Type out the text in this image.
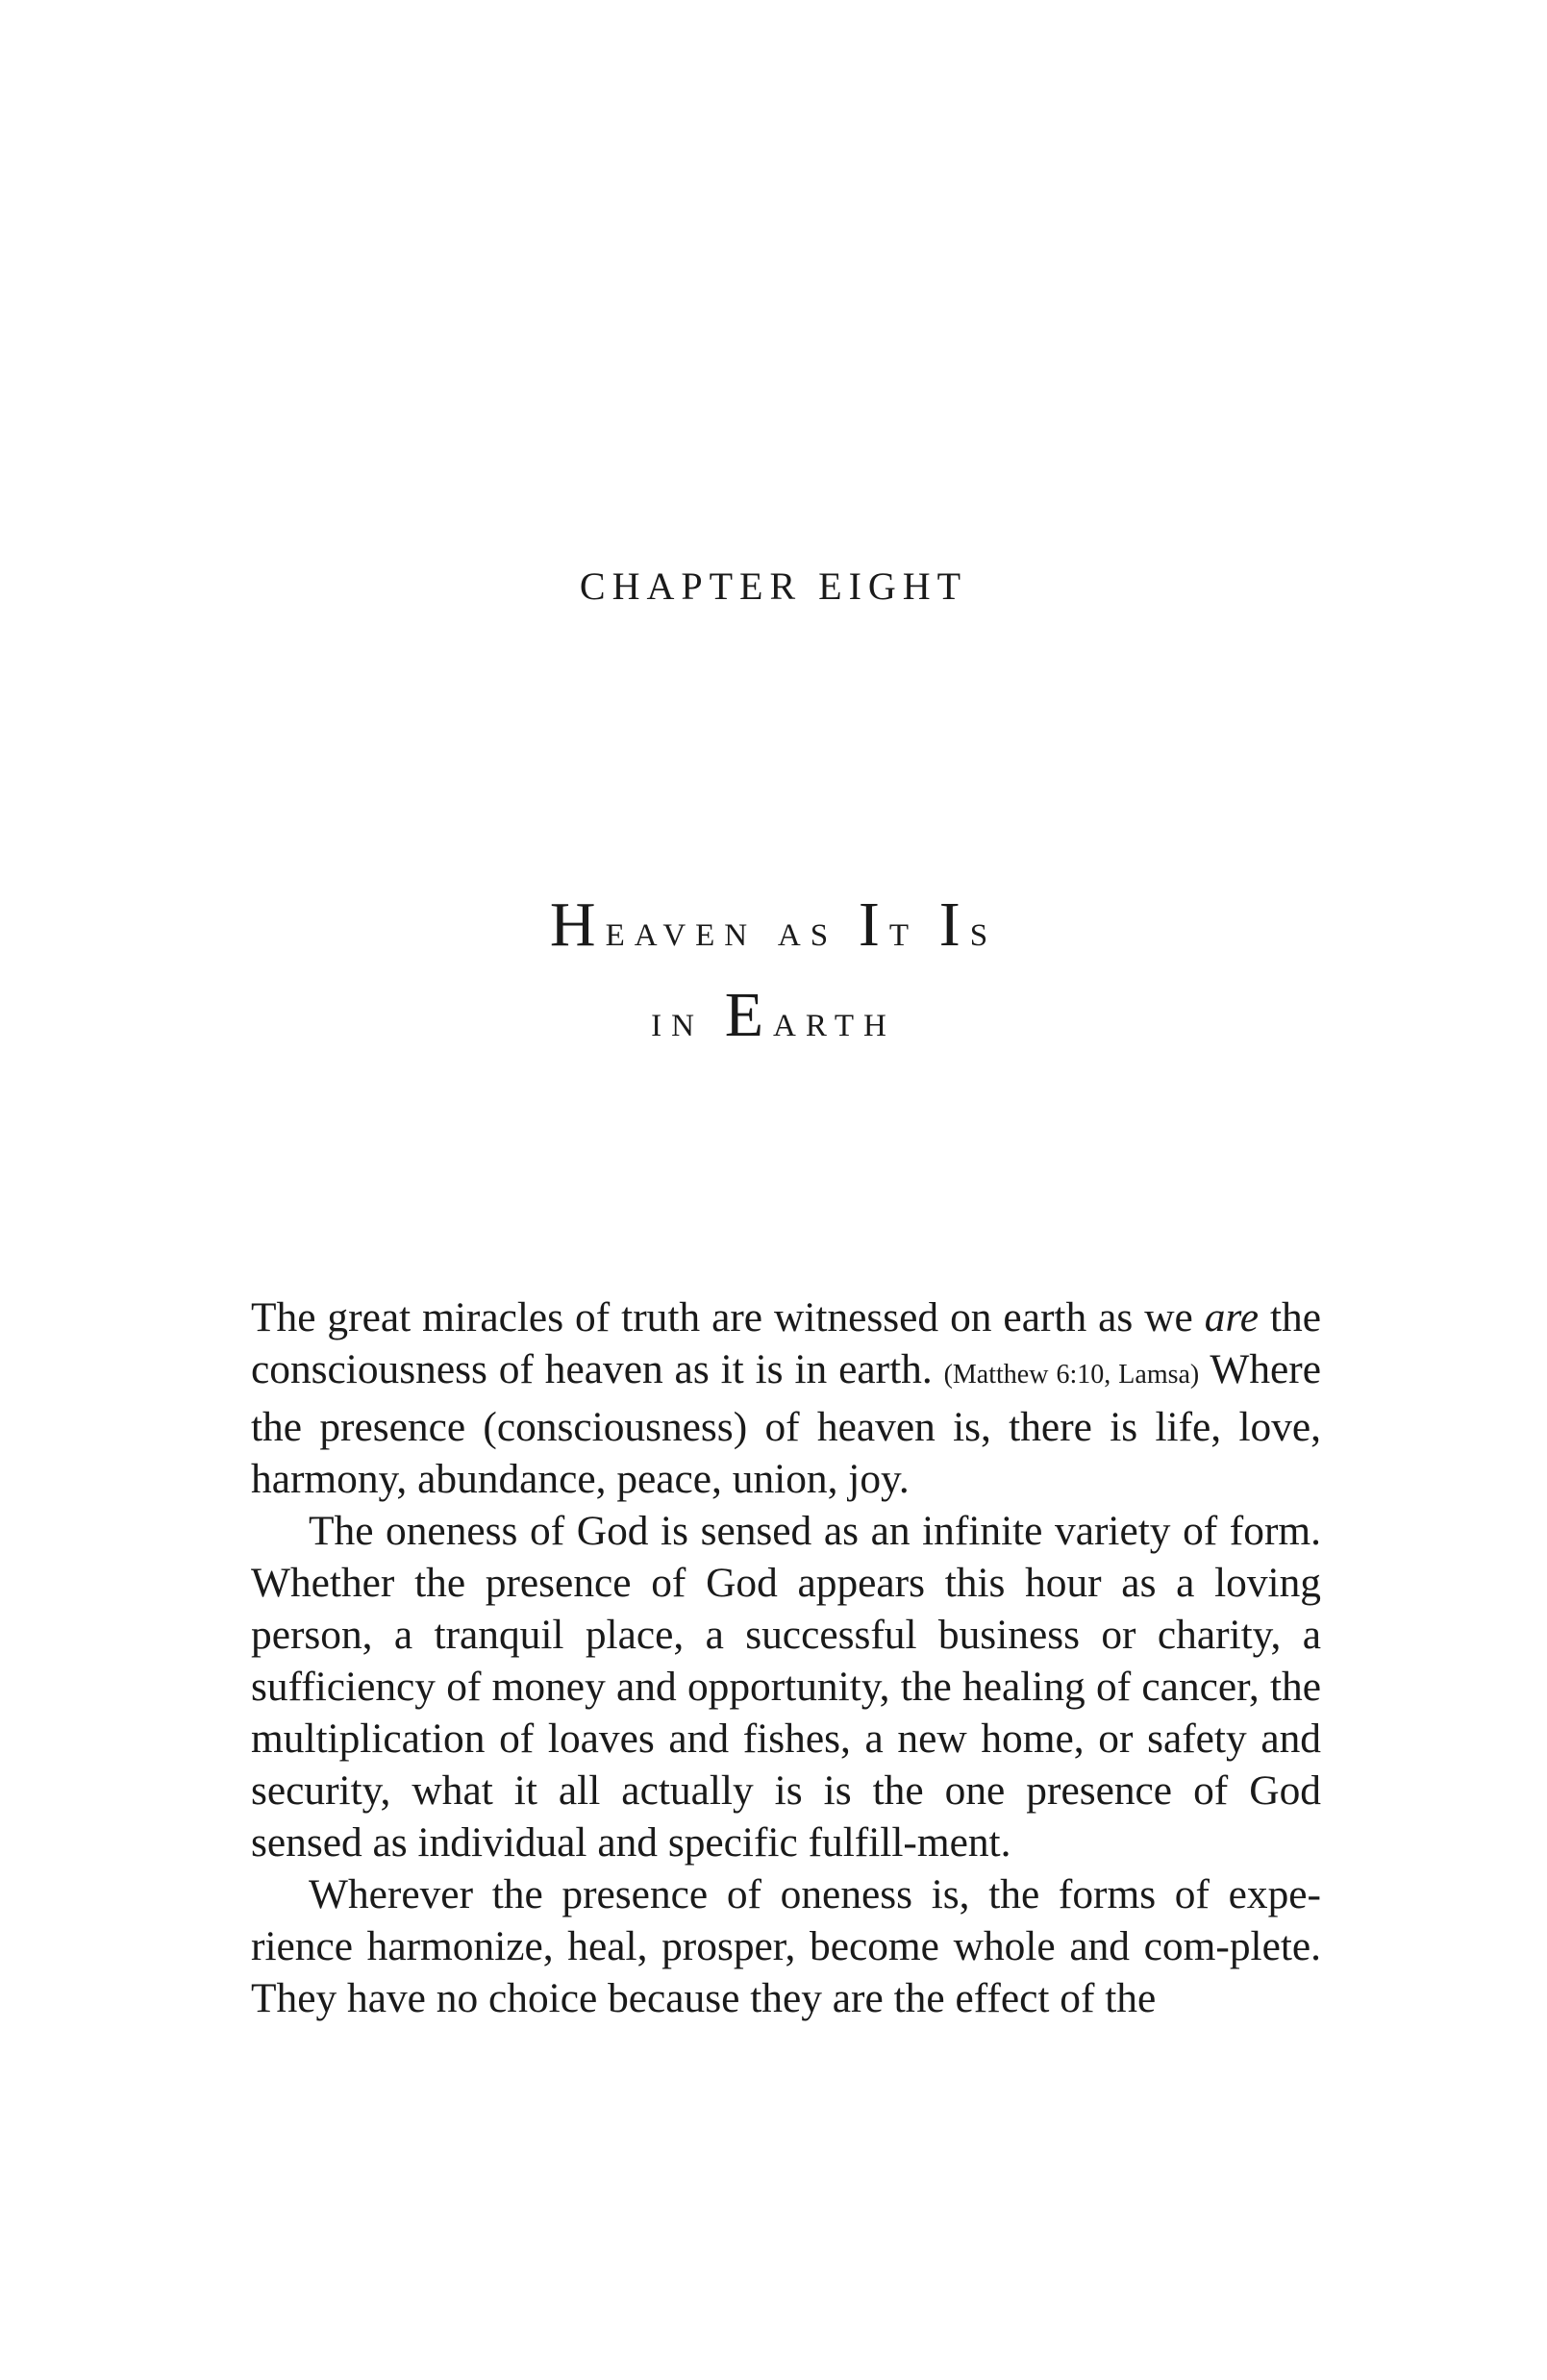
CHAPTER EIGHT

Heaven as It Is
in Earth

The great miracles of truth are witnessed on earth as we are the consciousness of heaven as it is in earth. (Matthew 6:10, Lamsa) Where the presence (consciousness) of heaven is, there is life, love, harmony, abundance, peace, union, joy.

The oneness of God is sensed as an infinite variety of form. Whether the presence of God appears this hour as a loving person, a tranquil place, a successful business or charity, a sufficiency of money and opportunity, the healing of cancer, the multiplication of loaves and fishes, a new home, or safety and security, what it all actually is is the one presence of God sensed as individual and specific fulfill-ment.

Wherever the presence of oneness is, the forms of expe-rience harmonize, heal, prosper, become whole and com-plete. They have no choice because they are the effect of the
